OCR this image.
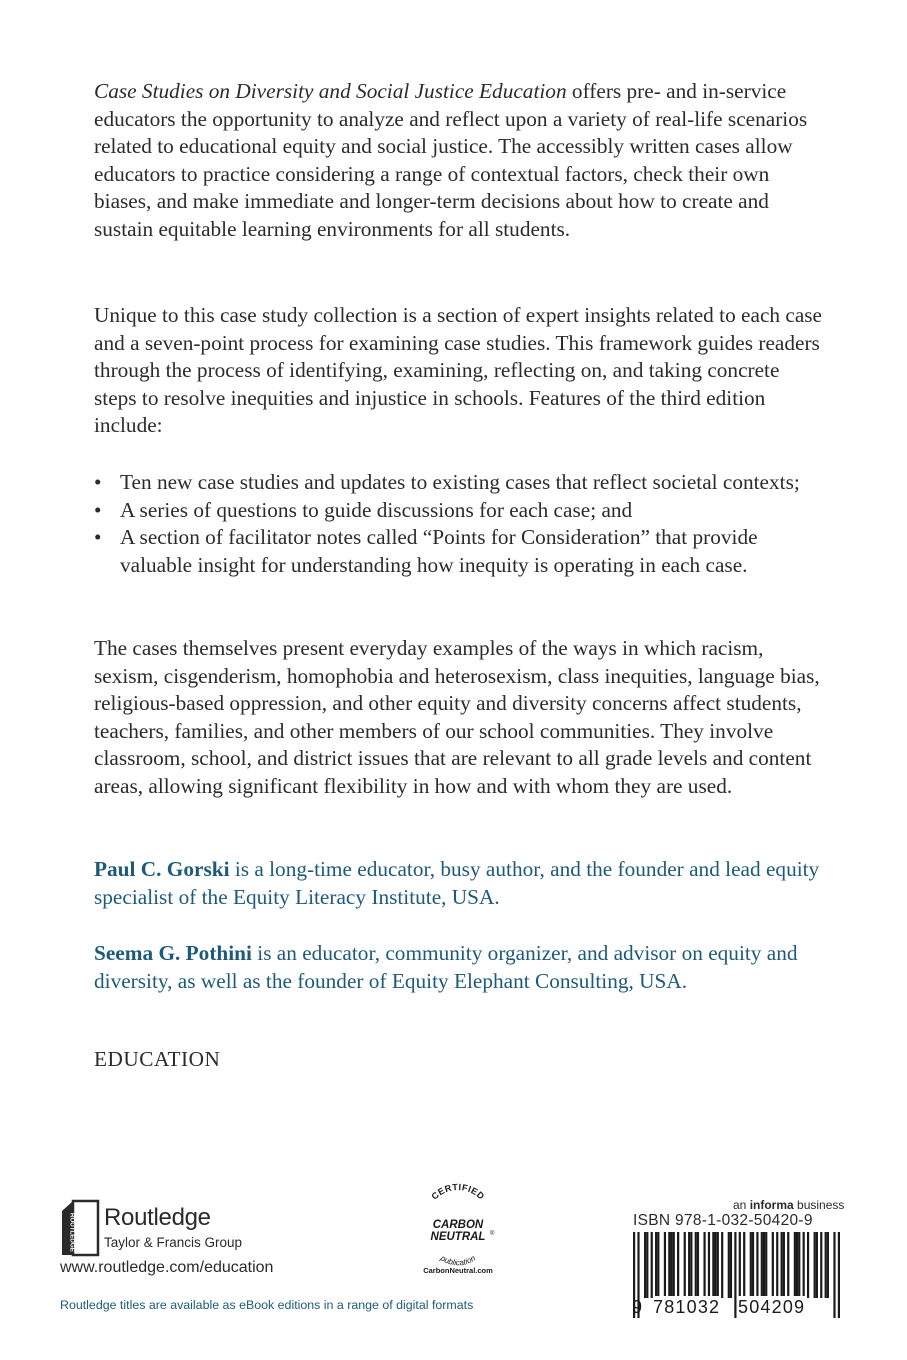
Case Studies on Diversity and Social Justice Education offers pre- and in-service educators the opportunity to analyze and reflect upon a variety of real-life scenarios related to educational equity and social justice. The accessibly written cases allow educators to practice considering a range of contextual factors, check their own biases, and make immediate and longer-term decisions about how to create and sustain equitable learning environments for all students.

Unique to this case study collection is a section of expert insights related to each case and a seven-point process for examining case studies. This framework guides readers through the process of identifying, examining, reflecting on, and taking concrete steps to resolve inequities and injustice in schools. Features of the third edition include:

• Ten new case studies and updates to existing cases that reflect societal contexts;
• A series of questions to guide discussions for each case; and
• A section of facilitator notes called “Points for Consideration” that provide valuable insight for understanding how inequity is operating in each case.

The cases themselves present everyday examples of the ways in which racism, sexism, cisgenderism, homophobia and heterosexism, class inequities, language bias, religious-based oppression, and other equity and diversity concerns affect students, teachers, families, and other members of our school communities. They involve classroom, school, and district issues that are relevant to all grade levels and content areas, allowing significant flexibility in how and with whom they are used.

Paul C. Gorski is a long-time educator, busy author, and the founder and lead equity specialist of the Equity Literacy Institute, USA.

Seema G. Pothini is an educator, community organizer, and advisor on equity and diversity, as well as the founder of Equity Elephant Consulting, USA.

EDUCATION

ROUTLEDGE Routledge
Taylor & Francis Group
www.routledge.com/education
Routledge titles are available as eBook editions in a range of digital formats
CERTIFIED
CARBON
NEUTRAL ®
publication
CarbonNeutral.com
an informa business
ISBN 978-1-032-50420-9
9 781032 504209
